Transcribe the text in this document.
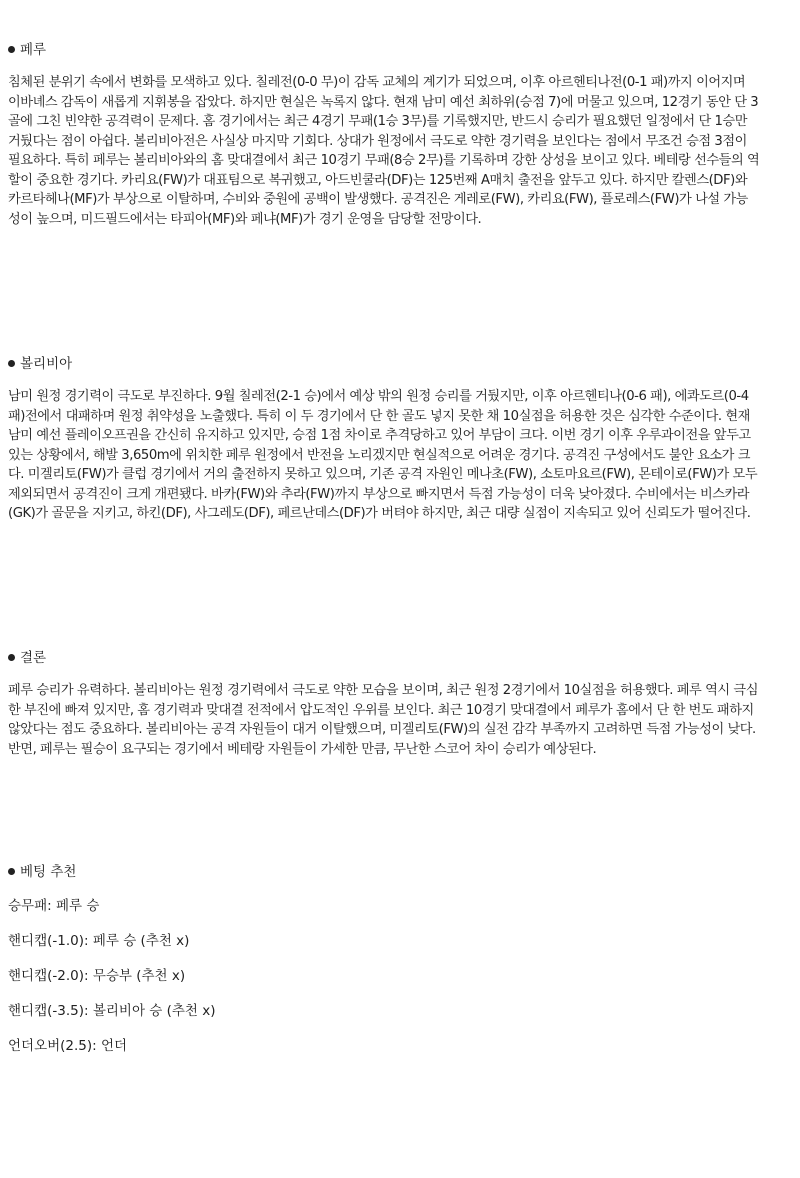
페루
침체된 분위기 속에서 변화를 모색하고 있다. 칠레전(0-0 무)이 감독 교체의 계기가 되었으며, 이후 아르헨티나전(0-1 패)까지 이어지며 이바녜스 감독이 새롭게 지휘봉을 잡았다. 하지만 현실은 녹록지 않다. 현재 남미 예선 최하위(승점 7)에 머물고 있으며, 12경기 동안 단 3골에 그친 빈약한 공격력이 문제다. 홈 경기에서는 최근 4경기 무패(1승 3무)를 기록했지만, 반드시 승리가 필요했던 일정에서 단 1승만 거뒀다는 점이 아쉽다. 볼리비아전은 사실상 마지막 기회다. 상대가 원정에서 극도로 약한 경기력을 보인다는 점에서 무조건 승점 3점이 필요하다. 특히 페루는 볼리비아와의 홈 맞대결에서 최근 10경기 무패(8승 2무)를 기록하며 강한 상성을 보이고 있다. 베테랑 선수들의 역할이 중요한 경기다. 카리요(FW)가 대표팀으로 복귀했고, 아드빈쿨라(DF)는 125번째 A매치 출전을 앞두고 있다. 하지만 칼렌스(DF)와 카르타헤나(MF)가 부상으로 이탈하며, 수비와 중원에 공백이 발생했다. 공격진은 게레로(FW), 카리요(FW), 플로레스(FW)가 나설 가능성이 높으며, 미드필드에서는 타피아(MF)와 페냐(MF)가 경기 운영을 담당할 전망이다.
볼리비아
남미 원정 경기력이 극도로 부진하다. 9월 칠레전(2-1 승)에서 예상 밖의 원정 승리를 거뒀지만, 이후 아르헨티나(0-6 패), 에콰도르(0-4 패)전에서 대패하며 원정 취약성을 노출했다. 특히 이 두 경기에서 단 한 골도 넣지 못한 채 10실점을 허용한 것은 심각한 수준이다. 현재 남미 예선 플레이오프권을 간신히 유지하고 있지만, 승점 1점 차이로 추격당하고 있어 부담이 크다. 이번 경기 이후 우루과이전을 앞두고 있는 상황에서, 해발 3,650m에 위치한 페루 원정에서 반전을 노리겠지만 현실적으로 어려운 경기다. 공격진 구성에서도 불안 요소가 크다. 미겔리토(FW)가 클럽 경기에서 거의 출전하지 못하고 있으며, 기존 공격 자원인 메나초(FW), 소토마요르(FW), 몬테이로(FW)가 모두 제외되면서 공격진이 크게 개편됐다. 바카(FW)와 추라(FW)까지 부상으로 빠지면서 득점 가능성이 더욱 낮아졌다. 수비에서는 비스카라(GK)가 골문을 지키고, 하킨(DF), 사그레도(DF), 페르난데스(DF)가 버텨야 하지만, 최근 대량 실점이 지속되고 있어 신뢰도가 떨어진다.
결론
페루 승리가 유력하다. 볼리비아는 원정 경기력에서 극도로 약한 모습을 보이며, 최근 원정 2경기에서 10실점을 허용했다. 페루 역시 극심한 부진에 빠져 있지만, 홈 경기력과 맞대결 전적에서 압도적인 우위를 보인다. 최근 10경기 맞대결에서 페루가 홈에서 단 한 번도 패하지 않았다는 점도 중요하다. 볼리비아는 공격 자원들이 대거 이탈했으며, 미겔리토(FW)의 실전 감각 부족까지 고려하면 득점 가능성이 낮다. 반면, 페루는 필승이 요구되는 경기에서 베테랑 자원들이 가세한 만큼, 무난한 스코어 차이 승리가 예상된다.
베팅 추천
승무패: 페루 승
핸디캡(-1.0): 페루 승 (추천 x)
핸디캡(-2.0): 무승부 (추천 x)
핸디캡(-3.5): 볼리비아 승 (추천 x)
언더오버(2.5): 언더
